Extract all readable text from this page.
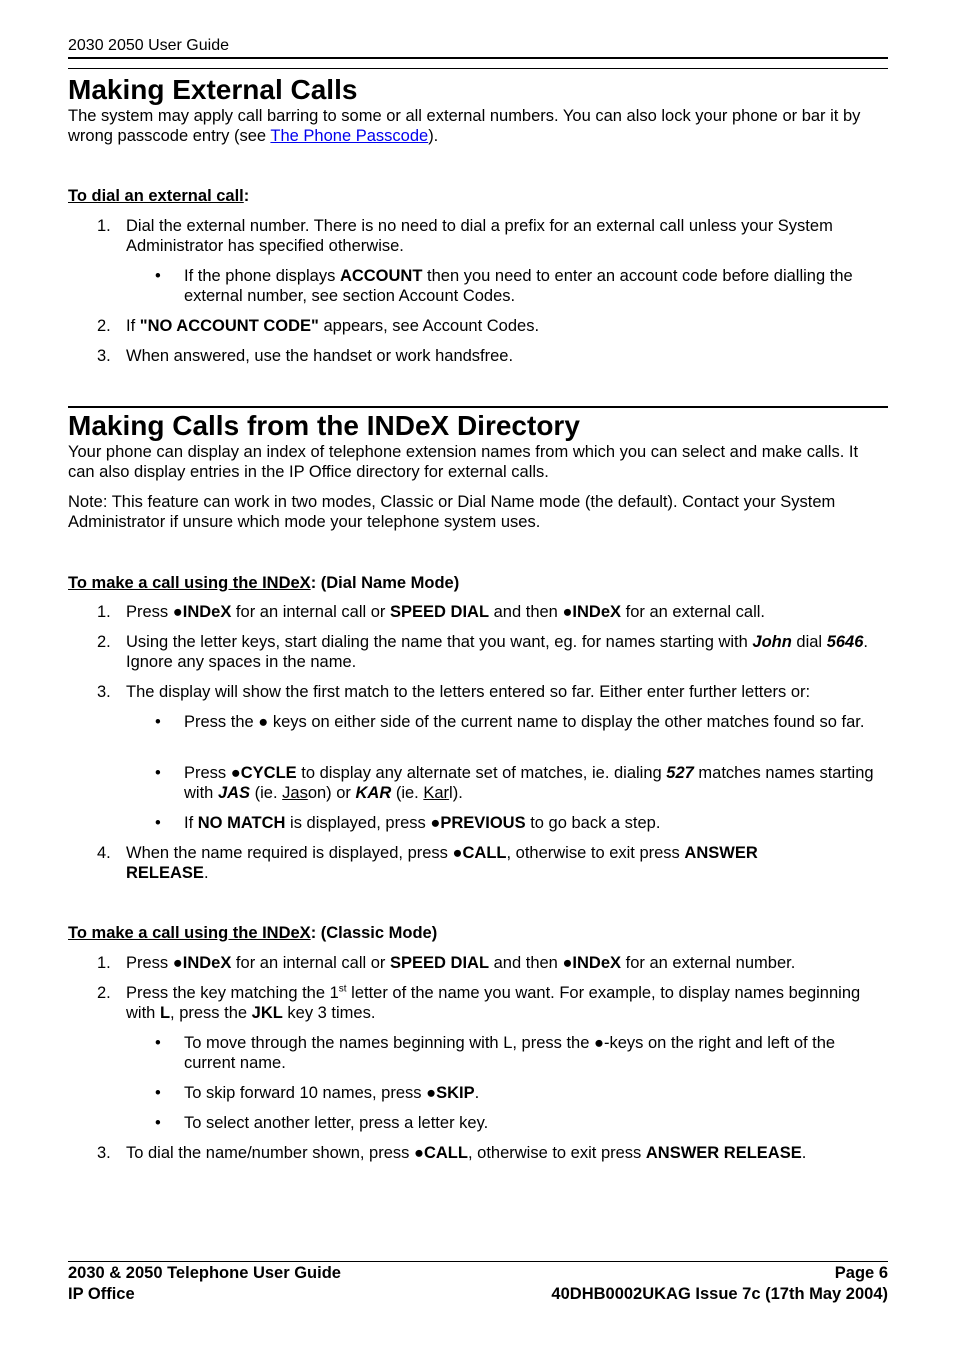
2030 2050 User Guide
Making External Calls

The system may apply call barring to some or all external numbers. You can also lock your phone or bar it by wrong passcode entry (see The Phone Passcode).

To dial an external call:

1. Dial the external number. There is no need to dial a prefix for an external call unless your System Administrator has specified otherwise.
•	If the phone displays ACCOUNT then you need to enter an account code before dialling the external number, see section Account Codes.
2. If "NO ACCOUNT CODE" appears, see Account Codes.
3. When answered, use the handset or work handsfree.
Making Calls from the INDeX Directory

Your phone can display an index of telephone extension names from which you can select and make calls. It can also display entries in the IP Office directory for external calls.

Note: This feature can work in two modes, Classic or Dial Name mode (the default). Contact your System Administrator if unsure which mode your telephone system uses.

To make a call using the INDeX: (Dial Name Mode)

1. Press ●INDeX for an internal call or SPEED DIAL and then ●INDeX for an external call.
2. Using the letter keys, start dialing the name that you want, eg. for names starting with John dial 5646. Ignore any spaces in the name.
3. The display will show the first match to the letters entered so far. Either enter further letters or:
•	Press the ● keys on either side of the current name to display the other matches found so far.
•	Press ●CYCLE to display any alternate set of matches, ie. dialing 527 matches names starting with JAS (ie. Jason) or KAR (ie. Karl).
•	If NO MATCH is displayed, press ●PREVIOUS to go back a step.
4. When the name required is displayed, press ●CALL, otherwise to exit press ANSWER RELEASE.

To make a call using the INDeX: (Classic Mode)

1. Press ●INDeX for an internal call or SPEED DIAL and then ●INDeX for an external number.
2. Press the key matching the 1st letter of the name you want. For example, to display names beginning with L, press the JKL key 3 times.
•	To move through the names beginning with L, press the ●-keys on the right and left of the current name.
•	To skip forward 10 names, press ●SKIP.
•	To select another letter, press a letter key.
3. To dial the name/number shown, press ●CALL, otherwise to exit press ANSWER RELEASE.
2030 & 2050 Telephone User Guide
IP Office
Page 6
40DHB0002UKAG Issue 7c (17th May 2004)
